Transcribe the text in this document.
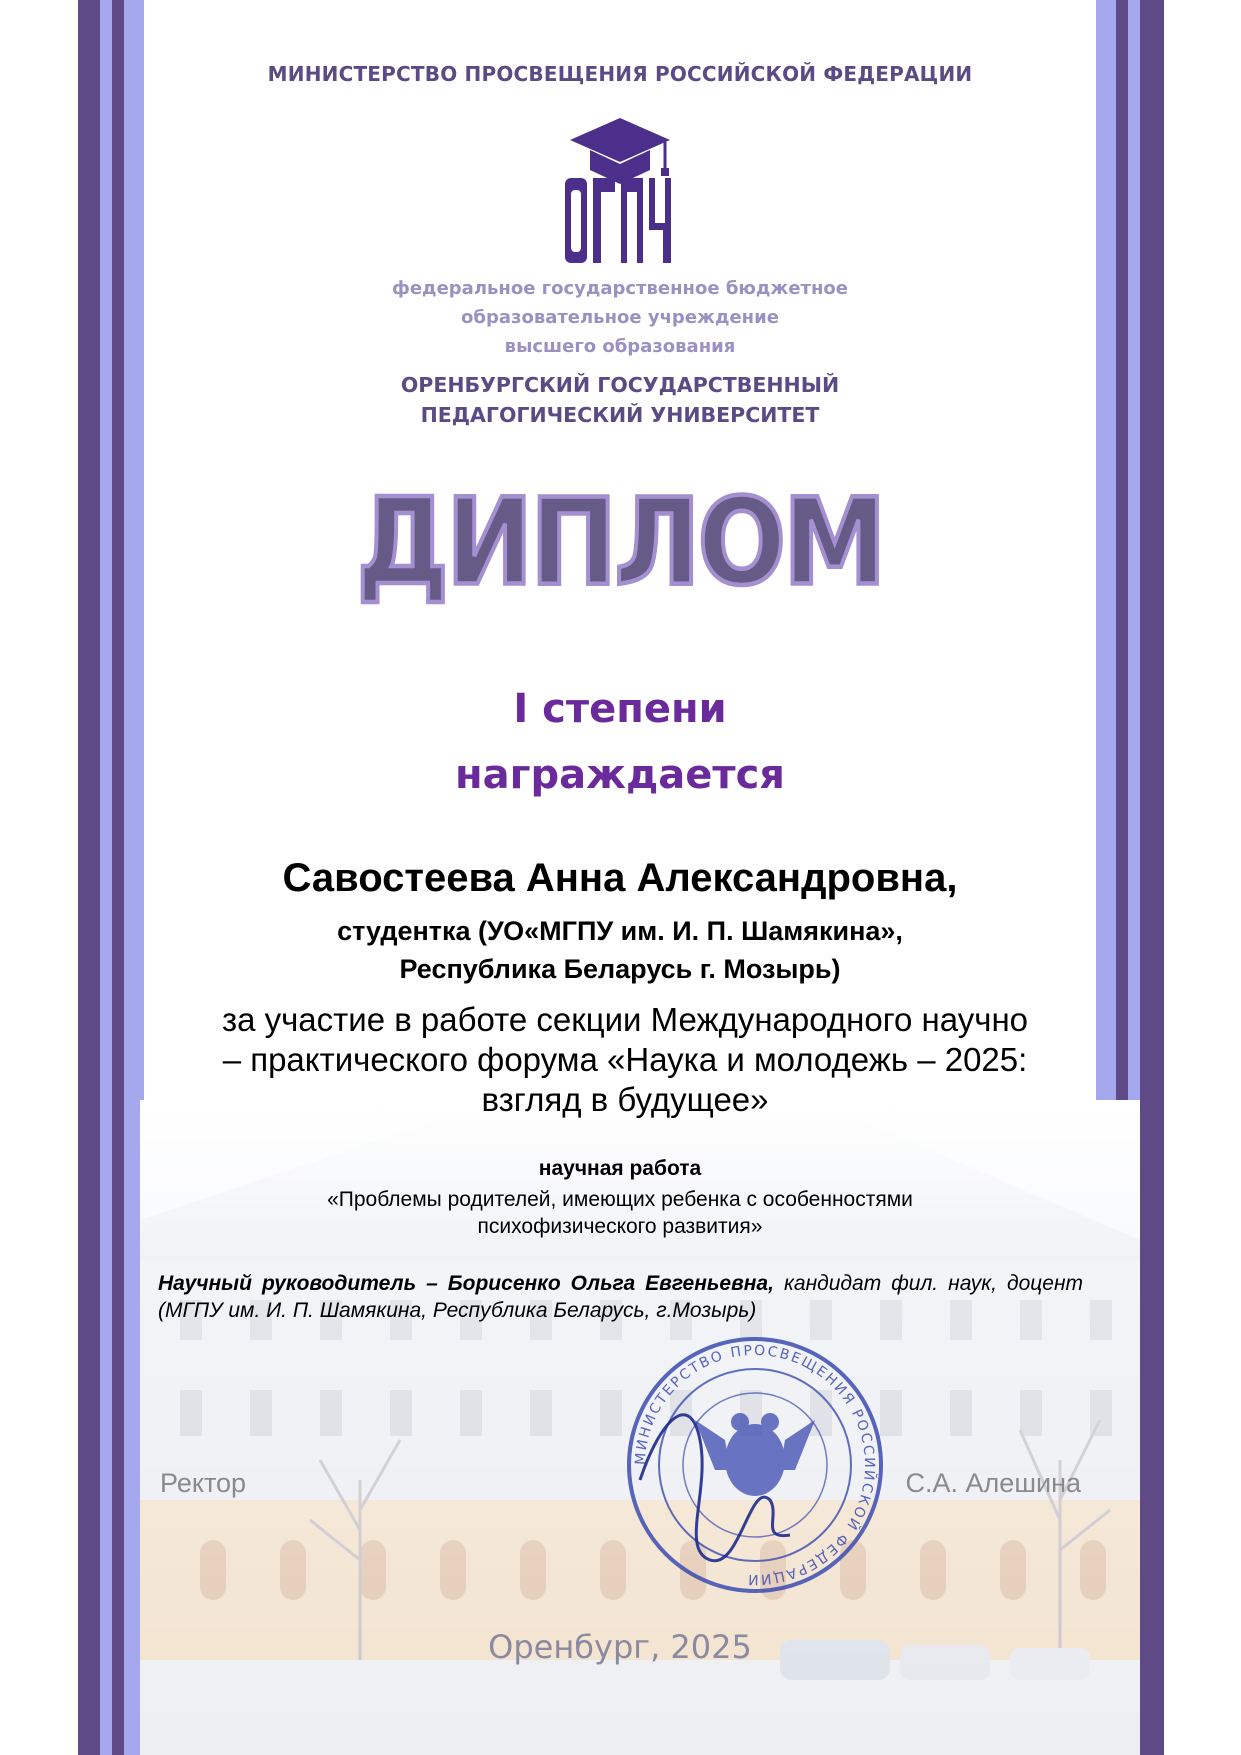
МИНИСТЕРСТВО ПРОСВЕЩЕНИЯ РОССИЙСКОЙ ФЕДЕРАЦИИ
федеральное государственное бюджетное
образовательное учреждение
высшего образования
ОРЕНБУРГСКИЙ ГОСУДАРСТВЕННЫЙ
ПЕДАГОГИЧЕСКИЙ УНИВЕРСИТЕТ
ДИПЛОМ
I степени
награждается
Савостеева Анна Александровна,
студентка (УО«МГПУ им. И. П. Шамякина»,
Республика Беларусь г. Мозырь)
за участие в работе секции Международного научно
– практического форума «Наука и молодежь – 2025:
взгляд в будущее»
научная работа
«Проблемы родителей, имеющих ребенка с особенностями
психофизического развития»
Научный руководитель – Борисенко Ольга Евгеньевна, кандидат фил. наук, доцент (МГПУ им. И. П. Шамякина, Республика Беларусь, г.Мозырь)
МИНИСТЕРСТВО ПРОСВЕЩЕНИЯ РОССИЙСКОЙ ФЕДЕРАЦИИ
Ректор	С.А. Алешина
Оренбург, 2025
